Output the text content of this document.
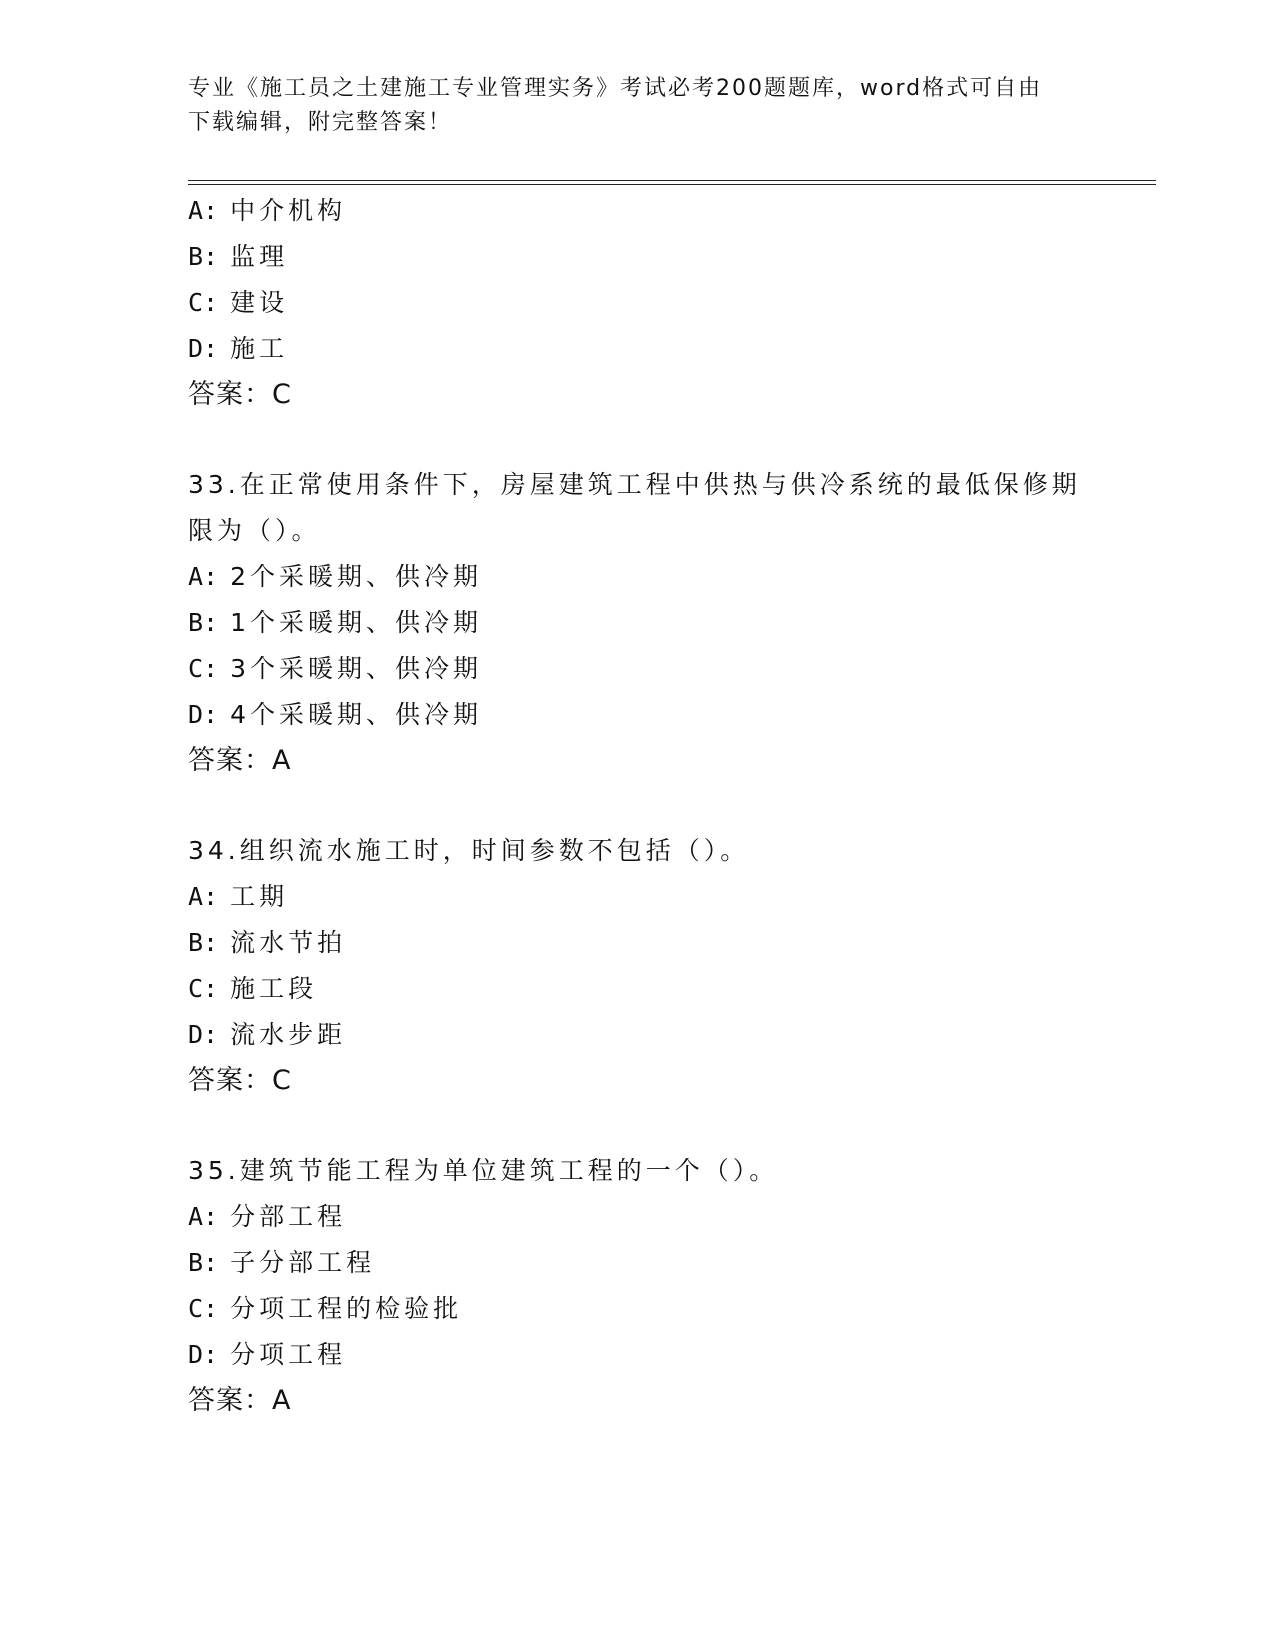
专业《施工员之土建施工专业管理实务》考试必考200题题库，word格式可自由
下载编辑，附完整答案！
A: 中介机构
B: 监理
C: 建设
D: 施工
答案：C
33.在正常使用条件下，房屋建筑工程中供热与供冷系统的最低保修期
限为（）。
A: 2个采暖期、供冷期
B: 1个采暖期、供冷期
C: 3个采暖期、供冷期
D: 4个采暖期、供冷期
答案：A
34.组织流水施工时，时间参数不包括（）。
A: 工期
B: 流水节拍
C: 施工段
D: 流水步距
答案：C
35.建筑节能工程为单位建筑工程的一个（）。
A: 分部工程
B: 子分部工程
C: 分项工程的检验批
D: 分项工程
答案：A
